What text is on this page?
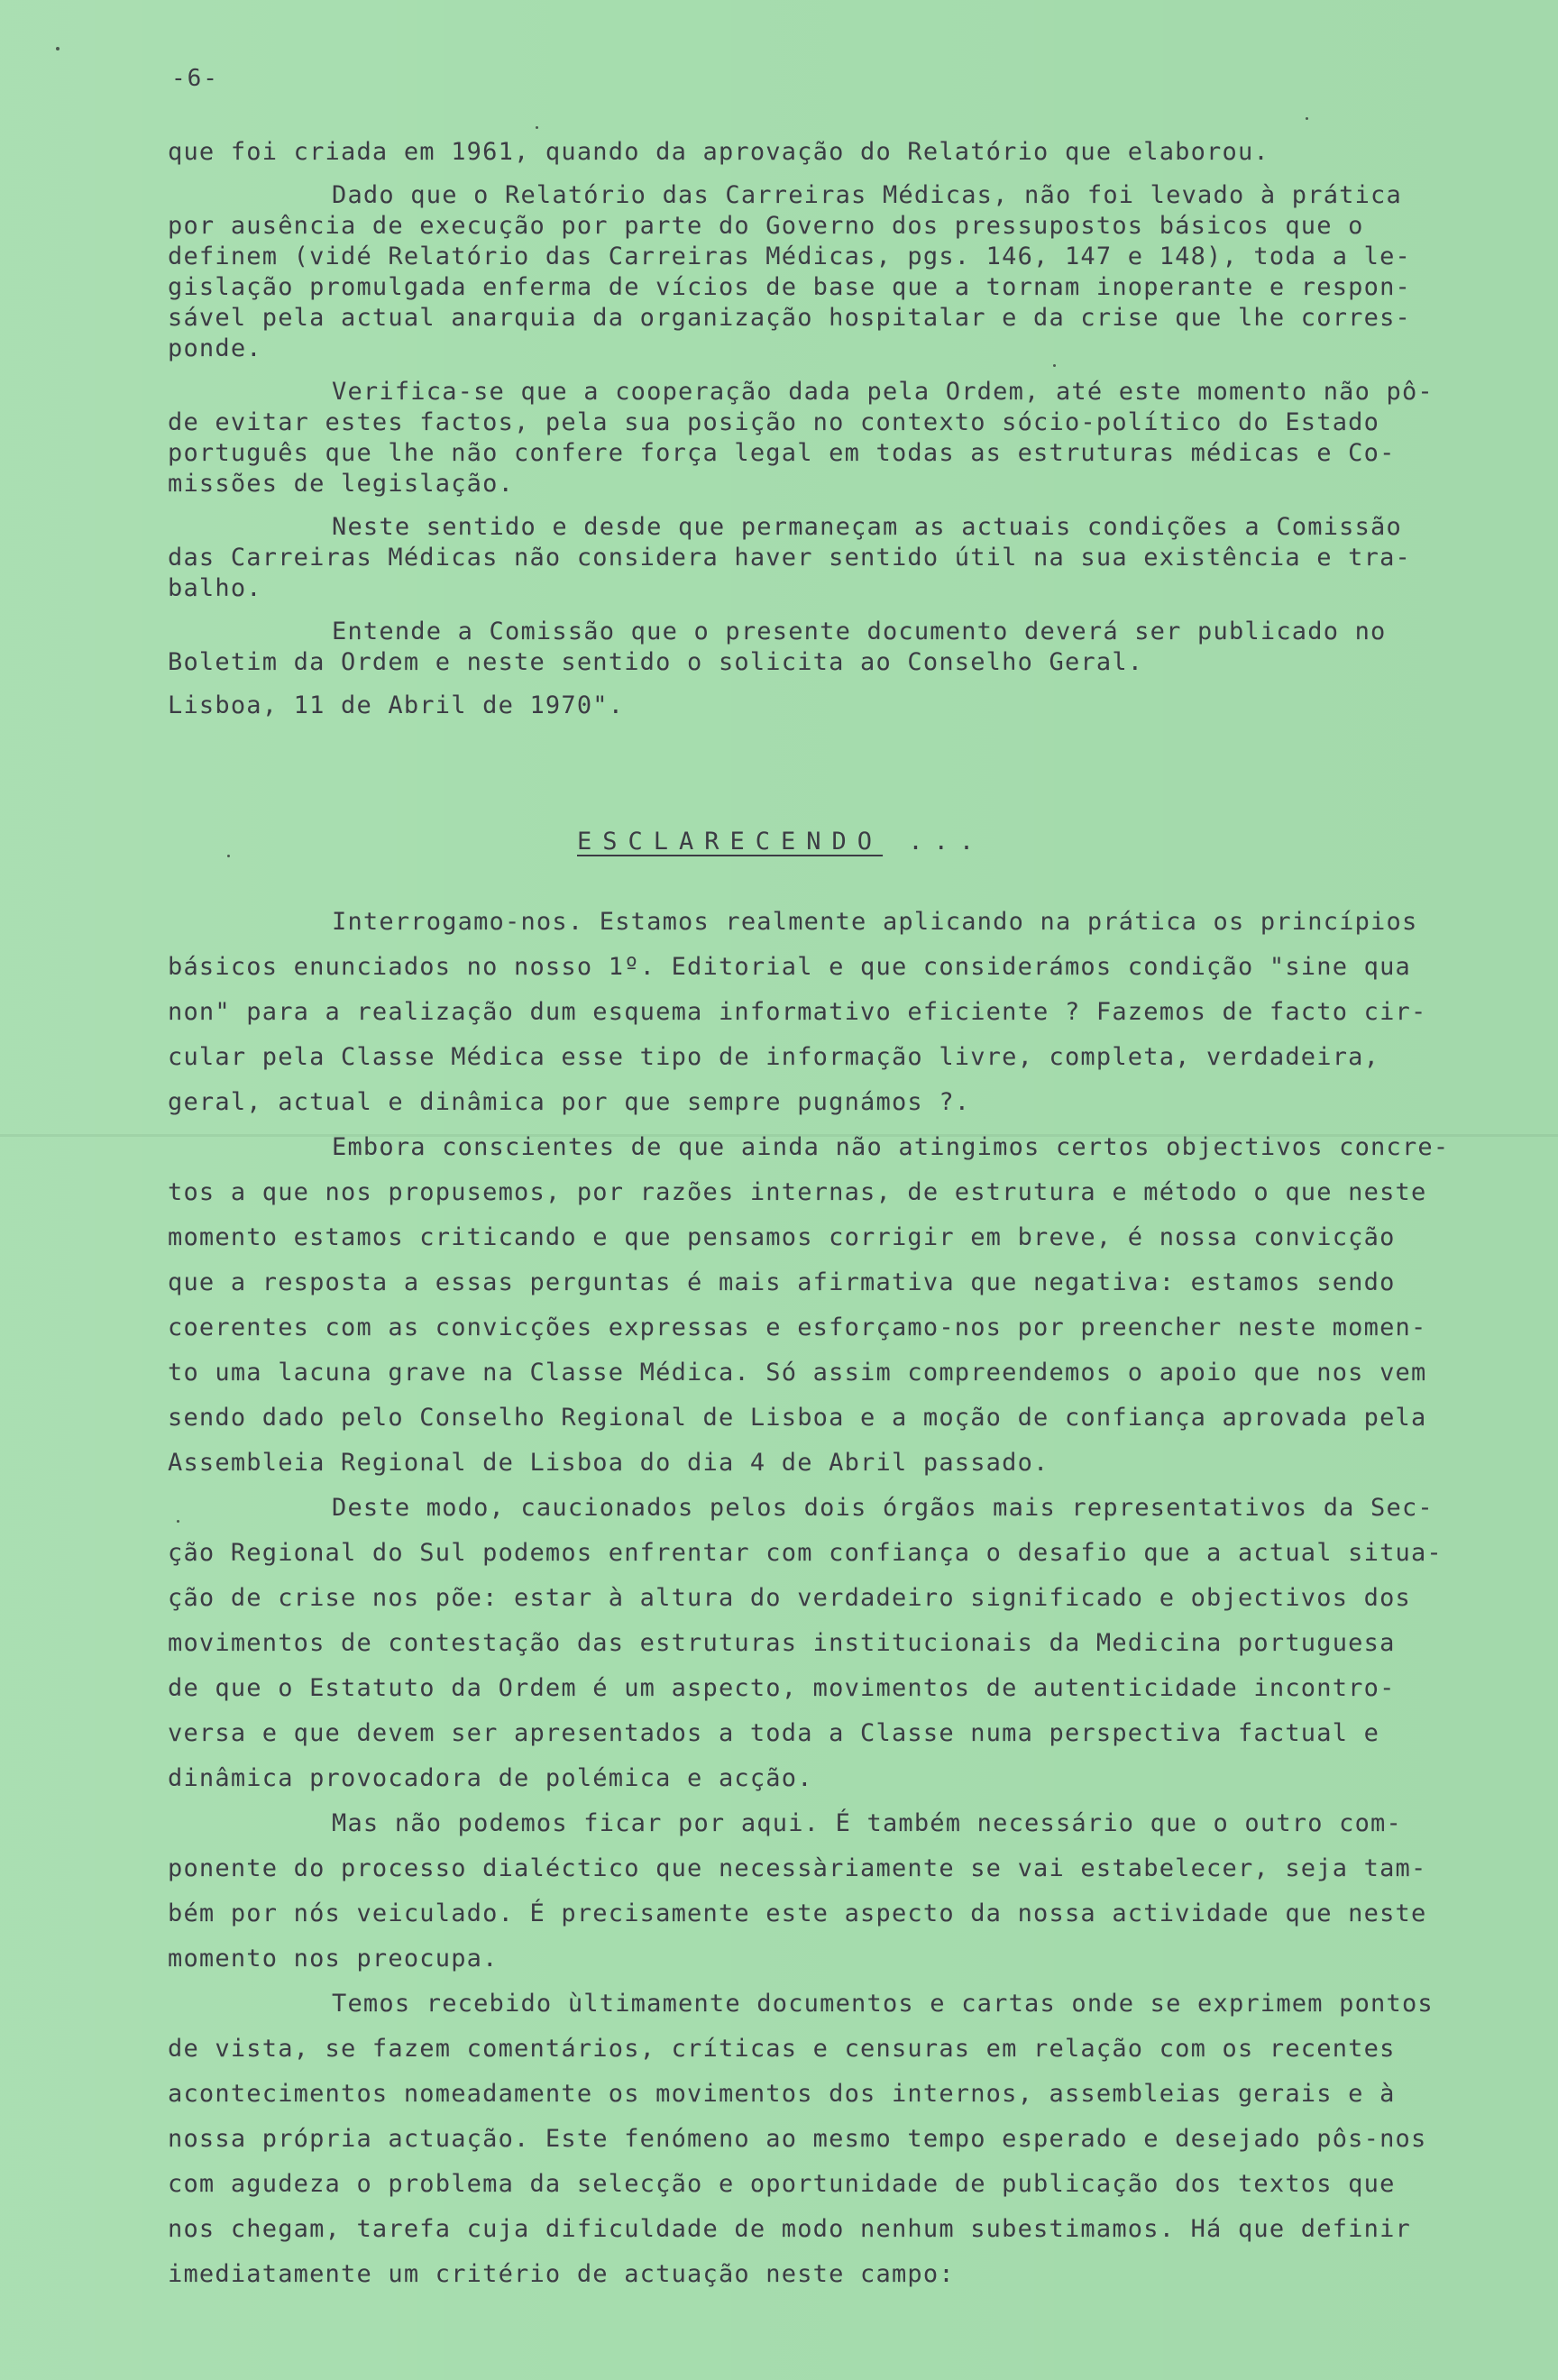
-6-

que foi criada em 1961, quando da aprovação do Relatório que elaborou.

Dado que o Relatório das Carreiras Médicas, não foi levado à prática

por ausência de execução por parte do Governo dos pressupostos básicos que o

definem (vidé Relatório das Carreiras Médicas, pgs. 146, 147 e 148), toda a le-

gislação promulgada enferma de vícios de base que a tornam inoperante e respon-

sável pela actual anarquia da organização hospitalar e da crise que lhe corres-

ponde.

Verifica-se que a cooperação dada pela Ordem, até este momento não pô-

de evitar estes factos, pela sua posição no contexto sócio-político do Estado

português que lhe não confere força legal em todas as estruturas médicas e Co-

missões de legislação.

Neste sentido e desde que permaneçam as actuais condições a Comissão

das Carreiras Médicas não considera haver sentido útil na sua existência e tra-

balho.

Entende a Comissão que o presente documento deverá ser publicado no

Boletim da Ordem e neste sentido o solicita ao Conselho Geral.

Lisboa, 11 de Abril de 1970".

ESCLARECENDO ...

Interrogamo-nos. Estamos realmente aplicando na prática os princípios

básicos enunciados no nosso 1º. Editorial e que considerámos condição "sine qua

non" para a realização dum esquema informativo eficiente ? Fazemos de facto cir-

cular pela Classe Médica esse tipo de informação livre, completa, verdadeira,

geral, actual e dinâmica por que sempre pugnámos ?.

Embora conscientes de que ainda não atingimos certos objectivos concre-

tos a que nos propusemos, por razões internas, de estrutura e método o que neste

momento estamos criticando e que pensamos corrigir em breve, é nossa convicção

que a resposta a essas perguntas é mais afirmativa que negativa: estamos sendo

coerentes com as convicções expressas e esforçamo-nos por preencher neste momen-

to uma lacuna grave na Classe Médica. Só assim compreendemos o apoio que nos vem

sendo dado pelo Conselho Regional de Lisboa e a moção de confiança aprovada pela

Assembleia Regional de Lisboa do dia 4 de Abril passado.

Deste modo, caucionados pelos dois órgãos mais representativos da Sec-

ção Regional do Sul podemos enfrentar com confiança o desafio que a actual situa-

ção de crise nos põe: estar à altura do verdadeiro significado e objectivos dos

movimentos de contestação das estruturas institucionais da Medicina portuguesa

de que o Estatuto da Ordem é um aspecto, movimentos de autenticidade incontro-

versa e que devem ser apresentados a toda a Classe numa perspectiva factual e

dinâmica provocadora de polémica e acção.

Mas não podemos ficar por aqui. É também necessário que o outro com-

ponente do processo dialéctico que necessàriamente se vai estabelecer, seja tam-

bém por nós veiculado. É precisamente este aspecto da nossa actividade que neste

momento nos preocupa.

Temos recebido ùltimamente documentos e cartas onde se exprimem pontos

de vista, se fazem comentários, críticas e censuras em relação com os recentes

acontecimentos nomeadamente os movimentos dos internos, assembleias gerais e à

nossa própria actuação. Este fenómeno ao mesmo tempo esperado e desejado pôs-nos

com agudeza o problema da selecção e oportunidade de publicação dos textos que

nos chegam, tarefa cuja dificuldade de modo nenhum subestimamos. Há que definir

imediatamente um critério de actuação neste campo:
